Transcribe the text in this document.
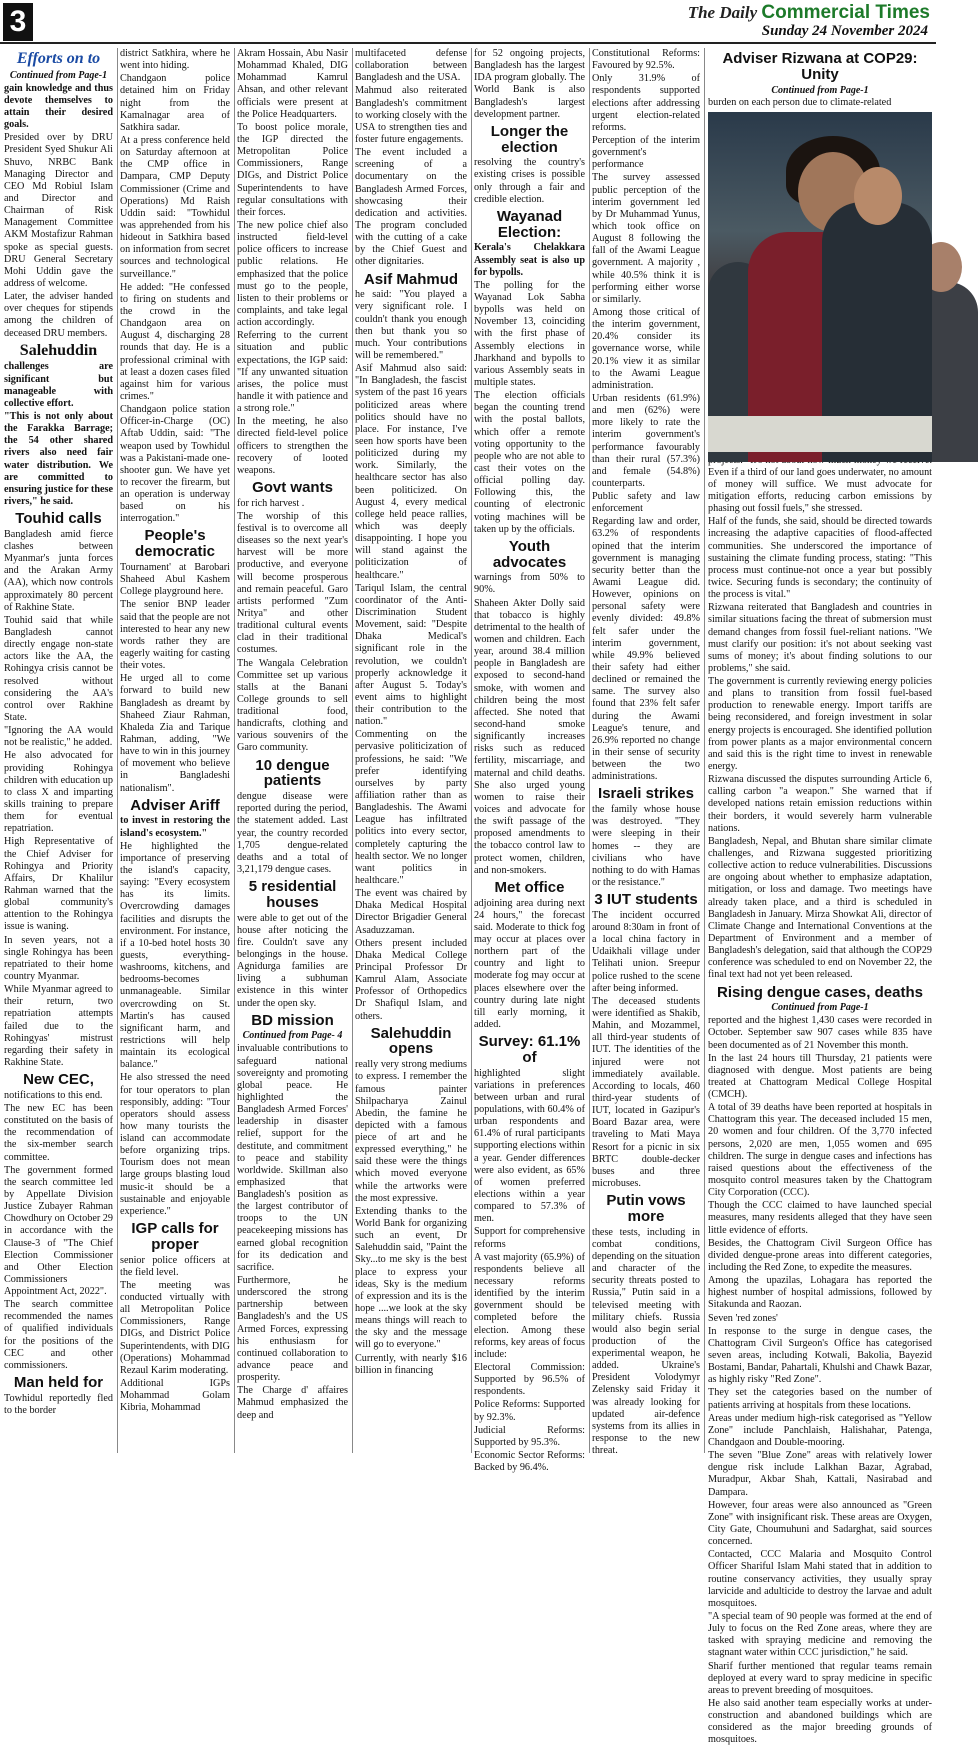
3	The Daily Commercial Times
Sunday 24 November 2024
Efforts on to
Continued from Page-1

gain knowledge and thus devote themselves to attain their desired goals.

Presided over by DRU President Syed Shukur Ali Shuvo, NRBC Bank Managing Director and CEO Md Robiul Islam and Director and Chairman of Risk Management Committee AKM Mostafizur Rahman spoke as special guests. DRU General Secretary Mohi Uddin gave the address of welcome.

Later, the adviser handed over cheques for stipends among the children of deceased DRU members.

Salehuddin

challenges are significant but manageable with collective effort.

"This is not only about the Farakka Barrage; the 54 other shared rivers also need fair water distribution. We are committed to ensuring justice for these rivers," he said.

Touhid calls

Bangladesh amid fierce clashes between Myanmar's junta forces and the Arakan Army (AA), which now controls approximately 80 percent of Rakhine State.

Touhid said that while Bangladesh cannot directly engage non-state actors like the AA, the Rohingya crisis cannot be resolved without considering the AA's control over Rakhine State.

"Ignoring the AA would not be realistic," he added.

He also advocated for providing Rohingya children with education up to class X and imparting skills training to prepare them for eventual repatriation.

High Representative of the Chief Adviser for Rohingya and Priority Affairs, Dr Khalilur Rahman warned that the global community's attention to the Rohingya issue is waning.

In seven years, not a single Rohingya has been repatriated to their home country Myanmar.

While Myanmar agreed to their return, two repatriation attempts failed due to the Rohingyas' mistrust regarding their safety in Rakhine State.

New CEC,

notifications to this end.

The new EC has been constituted on the basis of the recommendation of the six-member search committee.

The government formed the search committee led by Appellate Division Justice Zubayer Rahman Chowdhury on October 29 in accordance with the Clause-3 of "The Chief Election Commissioner and Other Election Commissioners Appointment Act, 2022".

The search committee recommended the names of qualified individuals for the positions of the CEC and other commissioners.

Man held for

Towhidul reportedly fled to the border

district Satkhira, where he went into hiding.

Chandgaon police detained him on Friday night from the Kamalnagar area of Satkhira sadar.

At a press conference held on Saturday afternoon at the CMP office in Dampara, CMP Deputy Commissioner (Crime and Operations) Md Raish Uddin said: "Towhidul was apprehended from his hideout in Satkhira based on information from secret sources and technological surveillance."

He added: "He confessed to firing on students and the crowd in the Chandgaon area on August 4, discharging 28 rounds that day. He is a professional criminal with at least a dozen cases filed against him for various crimes."

Chandgaon police station Officer-in-Charge (OC) Aftab Uddin, said: "The weapon used by Towhidul was a Pakistani-made one-shooter gun. We have yet to recover the firearm, but an operation is underway based on his interrogation."

People's democratic

Tournament' at Barobari Shaheed Abul Kashem College playground here.

The senior BNP leader said that the people are not interested to hear any new words rather they are eagerly waiting for casting their votes.

He urged all to come forward to build new Bangladesh as dreamt by Shaheed Ziaur Rahman, Khaleda Zia and Tarique Rahman, adding, "We have to win in this journey of movement who believe in Bangladeshi nationalism".

Adviser Ariff

to invest in restoring the island's ecosystem."

He highlighted the importance of preserving the island's capacity, saying: "Every ecosystem has its limits. Overcrowding damages facilities and disrupts the environment. For instance, if a 10-bed hotel hosts 30 guests, everything-washrooms, kitchens, and bedrooms-becomes unmanageable. Similar overcrowding on St. Martin's has caused significant harm, and restrictions will help maintain its ecological balance."

He also stressed the need for tour operators to plan responsibly, adding: "Tour operators should assess how many tourists the island can accommodate before organizing trips. Tourism does not mean large groups blasting loud music-it should be a sustainable and enjoyable experience."

IGP calls for proper

senior police officers at the field level.

The meeting was conducted virtually with all Metropolitan Police Commissioners, Range DIGs, and District Police Superintendents, with DIG (Operations) Mohammad Rezaul Karim moderating.

Additional IGPs Mohammad Golam Kibria, Mohammad

Akram Hossain, Abu Nasir Mohammad Khaled, DIG Mohammad Kamrul Ahsan, and other relevant officials were present at the Police Headquarters.

To boost police morale, the IGP directed the Metropolitan Police Commissioners, Range DIGs, and District Police Superintendents to have regular consultations with their forces.

The new police chief also instructed field-level police officers to increase public relations. He emphasized that the police must go to the people, listen to their problems or complaints, and take legal action accordingly.

Referring to the current situation and public expectations, the IGP said: "If any unwanted situation arises, the police must handle it with patience and a strong role."

In the meeting, he also directed field-level police officers to strengthen the recovery of looted weapons.

Govt wants

for rich harvest .

The worship of this festival is to overcome all diseases so the next year's harvest will be more productive, and everyone will become prosperous and remain peaceful. Garo artists performed "Zum Nritya" and other traditional cultural events clad in their traditional costumes.

The Wangala Celebration Committee set up various stalls at the Banani College grounds to sell traditional food, handicrafts, clothing and various souvenirs of the Garo community.

10 dengue patients

dengue disease were reported during the period, the statement added. Last year, the country recorded 1,705 dengue-related deaths and a total of 3,21,179 dengue cases.

5 residential houses

were able to get out of the house after noticing the fire. Couldn't save any belongings in the house. Agnidurga families are living a subhuman existence in this winter under the open sky.

BD mission
Continued from Page- 4

invaluable contributions to safeguard national sovereignty and promoting global peace. He highlighted the Bangladesh Armed Forces' leadership in disaster relief, support for the destitute, and commitment to peace and stability worldwide. Skillman also emphasized that Bangladesh's position as the largest contributor of troops to the UN peacekeeping missions has earned global recognition for its dedication and sacrifice.

Furthermore, he underscored the strong partnership between Bangladesh's and the US Armed Forces, expressing his enthusiasm for continued collaboration to advance peace and prosperity.

The Charge d' affaires Mahmud emphasized the deep and

multifaceted defense collaboration between Bangladesh and the USA.

Mahmud also reiterated Bangladesh's commitment to working closely with the USA to strengthen ties and foster future engagements.

The event included a screening of a documentary on the Bangladesh Armed Forces, showcasing their dedication and activities. The program concluded with the cutting of a cake by the Chief Guest and other dignitaries.

Asif Mahmud

he said: "You played a very significant role. I couldn't thank you enough then but thank you so much. Your contributions will be remembered."

Asif Mahmud also said: "In Bangladesh, the fascist system of the past 16 years politicized areas where politics should have no place. For instance, I've seen how sports have been politicized during my work. Similarly, the healthcare sector has also been politicized. On August 4, every medical college held peace rallies, which was deeply disappointing. I hope you will stand against the politicization of healthcare."

Tariqul Islam, the central coordinator of the Anti-Discrimination Student Movement, said: "Despite Dhaka Medical's significant role in the revolution, we couldn't properly acknowledge it after August 5. Today's event aims to highlight their contribution to the nation."

Commenting on the pervasive politicization of professions, he said: "We prefer identifying ourselves by party affiliation rather than as Bangladeshis. The Awami League has infiltrated politics into every sector, completely capturing the health sector. We no longer want politics in healthcare."

The event was chaired by Dhaka Medical Hospital Director Brigadier General Asaduzzaman.

Others present included Dhaka Medical College Principal Professor Dr Kamrul Alam, Associate Professor of Orthopedics Dr Shafiqul Islam, and others.

Salehuddin opens

really very strong mediums to express. I remember the famous painter Shilpacharya Zainul Abedin, the famine he depicted with a famous piece of art and he expressed everything," he said these were the things which moved everyone while the artworks were the most expressive.

Extending thanks to the World Bank for organizing such an event, Dr Salehuddin said, "Paint the Sky...to me sky is the best place to express your ideas, Sky is the medium of expression and its is the hope ....we look at the sky means things will reach to the sky and the message will go to everyone."

Currently, with nearly $16 billion in financing

for 52 ongoing projects, Bangladesh has the largest IDA program globally. The World Bank is also Bangladesh's largest development partner.

Longer the election

resolving the country's existing crises is possible only through a fair and credible election.

Wayanad Election:

Kerala's Chelakkara Assembly seat is also up for bypolls.

The polling for the Wayanad Lok Sabha bypolls was held on November 13, coinciding with the first phase of Assembly elections in Jharkhand and bypolls to various Assembly seats in multiple states.

The election officials began the counting trend with the postal ballots, which offer a remote voting opportunity to the people who are not able to cast their votes on the official polling day. Following this, the counting of electronic voting machines will be taken up by the officials.

Youth advocates

warnings from 50% to 90%.

Shaheen Akter Dolly said that tobacco is highly detrimental to the health of women and children. Each year, around 38.4 million people in Bangladesh are exposed to second-hand smoke, with women and children being the most affected. She noted that second-hand smoke significantly increases risks such as reduced fertility, miscarriage, and maternal and child deaths. She also urged young women to raise their voices and advocate for the swift passage of the proposed amendments to the tobacco control law to protect women, children, and non-smokers.

Met office

adjoining area during next 24 hours," the forecast said. Moderate to thick fog may occur at places over northern part of the country and light to moderate fog may occur at places elsewhere over the country during late night till early morning, it added.

Survey: 61.1% of

highlighted slight variations in preferences between urban and rural populations, with 60.4% of urban respondents and 61.4% of rural participants supporting elections within a year. Gender differences were also evident, as 65% of women preferred elections within a year compared to 57.3% of men.

Support for comprehensive reforms

A vast majority (65.9%) of respondents believe all necessary reforms identified by the interim government should be completed before the election. Among these reforms, key areas of focus include:

Electoral Commission: Supported by 96.5% of respondents.

Police Reforms: Supported by 92.3%.

Judicial Reforms: Supported by 95.3%.

Economic Sector Reforms: Backed by 96.4%.

Constitutional Reforms: Favoured by 92.5%.

Only 31.9% of respondents supported elections after addressing urgent election-related reforms.

Perception of the interim government's performance

The survey assessed public perception of the interim government led by Dr Muhammad Yunus, which took office on August 8 following the fall of the Awami League government. A majority , while 40.5% think it is performing either worse or similarly.

Among those critical of the interim government, 20.4% consider its governance worse, while 20.1% view it as similar to the Awami League administration.

Urban residents (61.9%) and men (62%) were more likely to rate the interim government's performance favourably than their rural (57.3%) and female (54.8%) counterparts.

Public safety and law enforcement

Regarding law and order, 63.2% of respondents opined that the interim government is managing security better than the Awami League did. However, opinions on personal safety were evenly divided: 49.8% felt safer under the interim government, while 49.9% believed their safety had either declined or remained the same. The survey also found that 23% felt safer during the Awami League's tenure, and 26.9% reported no change in their sense of security between the two administrations.

Israeli strikes

the family whose house was destroyed. "They were sleeping in their homes -- they are civilians who have nothing to do with Hamas or the resistance."

3 IUT students

The incident occurred around 8:30am in front of a local china factory in Udaikhali village under Telihati union. Sreepur police rushed to the scene after being informed.

The deceased students were identified as Shakib, Mahin, and Mozammel, all third-year students of IUT. The identities of the injured were not immediately available. According to locals, 460 third-year students of IUT, located in Gazipur's Board Bazar area, were traveling to Mati Maya Resort for a picnic in six BRTC double-decker buses and three microbuses.

Putin vows more

these tests, including in combat conditions, depending on the situation and character of the security threats posted to Russia," Putin said in a televised meeting with military chiefs. Russia would also begin serial production of the experimental weapon, he added. Ukraine's President Volodymyr Zelensky said Friday it was already looking for updated air-defence systems from its allies in response to the new threat.

Adviser Rizwana at COP29: Unity
Continued from Page-1

burden on each person due to climate-related

Even if a third of our land goes underwater, no amount of money will suffice. We must advocate for mitigation efforts, reducing carbon emissions by phasing out fossil fuels," she stressed.

Half of the funds, she said, should be directed towards increasing the adaptive capacities of flood-affected communities. She underscored the importance of sustaining the climate funding process, stating: "This process must continue-not once a year but possibly twice. Securing funds is secondary; the continuity of the process is vital."

Rizwana reiterated that Bangladesh and countries in similar situations facing the threat of submersion must demand changes from fossil fuel-reliant nations. "We must clarify our position: it's not about seeking vast sums of money; it's about finding solutions to our problems," she said.

The government is currently reviewing energy policies and plans to transition from fossil fuel-based production to renewable energy. Import tariffs are being reconsidered, and foreign investment in solar energy projects is encouraged. She identified pollution from power plants as a major environmental concern and said this is the right time to invest in renewable energy.

Rizwana discussed the disputes surrounding Article 6, calling carbon "a weapon." She warned that if developed nations retain emission reductions within their borders, it would severely harm vulnerable nations.

Bangladesh, Nepal, and Bhutan share similar climate challenges, and Rizwana suggested prioritizing collective action to reduce vulnerabilities. Discussions are ongoing about whether to emphasize adaptation, mitigation, or loss and damage. Two meetings have already taken place, and a third is scheduled in Bangladesh in January. Mirza Showkat Ali, director of Climate Change and International Conventions at the Department of Environment and a member of Bangladesh's delegation, said that although the COP29 conference was scheduled to end on November 22, the final text had not yet been released.

Rising dengue cases, deaths
Continued from Page-1

reported and the highest 1,430 cases were recorded in October. September saw 907 cases while 835 have been documented as of 21 November this month.

In the last 24 hours till Thursday, 21 patients were diagnosed with dengue. Most patients are being treated at Chattogram Medical College Hospital (CMCH).

A total of 39 deaths have been reported at hospitals in Chattogram this year. The deceased included 15 men, 20 women and four children. Of the 3,770 infected persons, 2,020 are men, 1,055 women and 695 children. The surge in dengue cases and infections has raised questions about the effectiveness of the mosquito control measures taken by the Chattogram City Corporation (CCC).

Though the CCC claimed to have launched special measures, many residents alleged that they have seen little evidence of efforts.

Besides, the Chattogram Civil Surgeon Office has divided dengue-prone areas into different categories, including the Red Zone, to expedite the measures.

Among the upazilas, Lohagara has reported the highest number of hospital admissions, followed by Sitakunda and Raozan.

Seven 'red zones'

In response to the surge in dengue cases, the Chattogram Civil Surgeon's Office has categorised seven areas, including Kotwali, Bakolia, Bayezid Bostami, Bandar, Pahartali, Khulshi and Chawk Bazar, as highly risky "Red Zone".

They set the categories based on the number of patients arriving at hospitals from these locations.

Areas under medium high-risk categorised as "Yellow Zone" include Panchlaish, Halishahar, Patenga, Chandgaon and Double-mooring.

The seven "Blue Zone" areas with relatively lower dengue risk include Lalkhan Bazar, Agrabad, Muradpur, Akbar Shah, Kattali, Nasirabad and Dampara.

However, four areas were also announced as "Green Zone" with insignificant risk. These areas are Oxygen, City Gate, Choumuhuni and Sadarghat, said sources concerned.

Contacted, CCC Malaria and Mosquito Control Officer Shariful Islam Mahi stated that in addition to routine conservancy activities, they usually spray larvicide and adulticide to destroy the larvae and adult mosquitoes.

"A special team of 90 people was formed at the end of July to focus on the Red Zone areas, where they are tasked with spraying medicine and removing the stagnant water within CCC jurisdiction," he said.

Sharif further mentioned that regular teams remain deployed at every ward to spray medicine in specific areas to prevent breeding of mosquitoes.

He also said another team especially works at under-construction and abandoned buildings which are considered as the major breeding grounds of mosquitoes.
